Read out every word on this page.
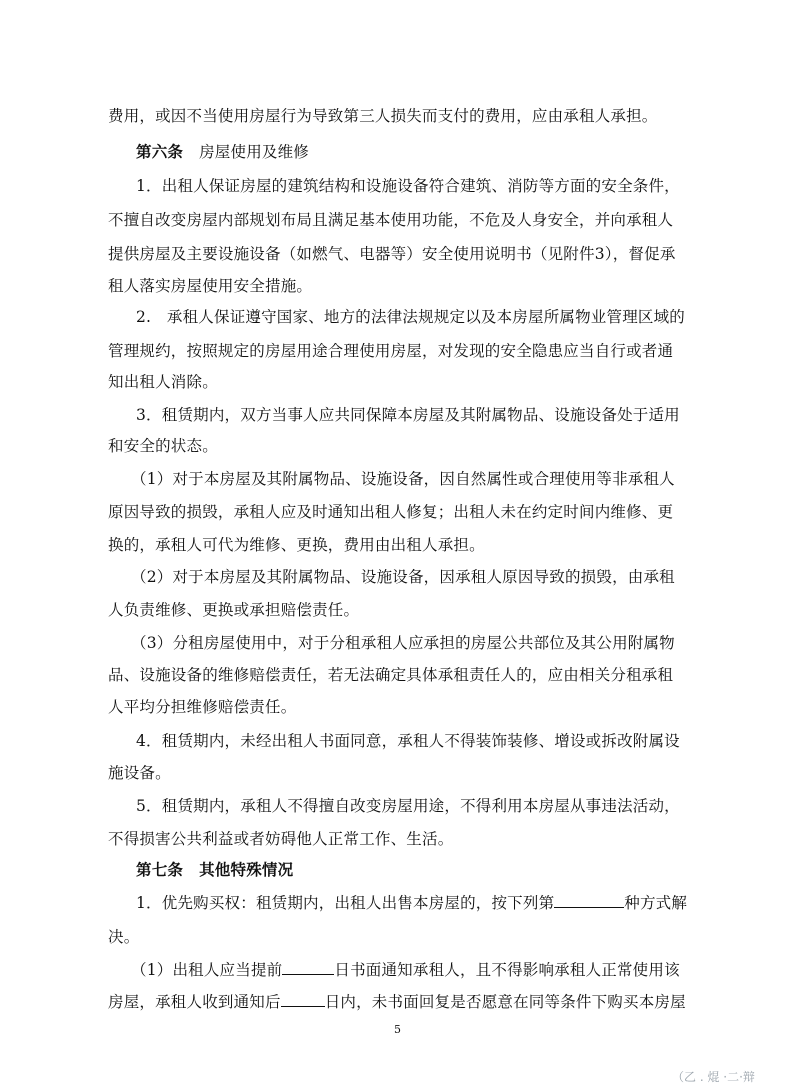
费用，或因不当使用房屋行为导致第三人损失而支付的费用，应由承租人承担。
第六条 房屋使用及维修
1．出租人保证房屋的建筑结构和设施设备符合建筑、消防等方面的安全条件，
不擅自改变房屋内部规划布局且满足基本使用功能，不危及人身安全，并向承租人
提供房屋及主要设施设备（如燃气、电器等）安全使用说明书（见附件3），督促承
租人落实房屋使用安全措施。
2.　承租人保证遵守国家、地方的法律法规规定以及本房屋所属物业管理区域的
管理规约，按照规定的房屋用途合理使用房屋，对发现的安全隐患应当自行或者通
知出租人消除。
3．租赁期内，双方当事人应共同保障本房屋及其附属物品、设施设备处于适用
和安全的状态。
（1）对于本房屋及其附属物品、设施设备，因自然属性或合理使用等非承租人
原因导致的损毁，承租人应及时通知出租人修复；出租人未在约定时间内维修、更
换的，承租人可代为维修、更换，费用由出租人承担。
（2）对于本房屋及其附属物品、设施设备，因承租人原因导致的损毁，由承租
人负责维修、更换或承担赔偿责任。
（3）分租房屋使用中，对于分租承租人应承担的房屋公共部位及其公用附属物
品、设施设备的维修赔偿责任，若无法确定具体承租责任人的，应由相关分租承租
人平均分担维修赔偿责任。
4．租赁期内，未经出租人书面同意，承租人不得装饰装修、增设或拆改附属设
施设备。
5．租赁期内，承租人不得擅自改变房屋用途，不得利用本房屋从事违法活动，
不得损害公共利益或者妨碍他人正常工作、生活。
第七条 其他特殊情况
1．优先购买权：租赁期内，出租人出售本房屋的，按下列第	种方式解
决。
（1）出租人应当提前	日书面通知承租人，且不得影响承租人正常使用该
房屋，承租人收到通知后	日内，未书面回复是否愿意在同等条件下购买本房屋
5
（乙 . 焜 ·二·辩
